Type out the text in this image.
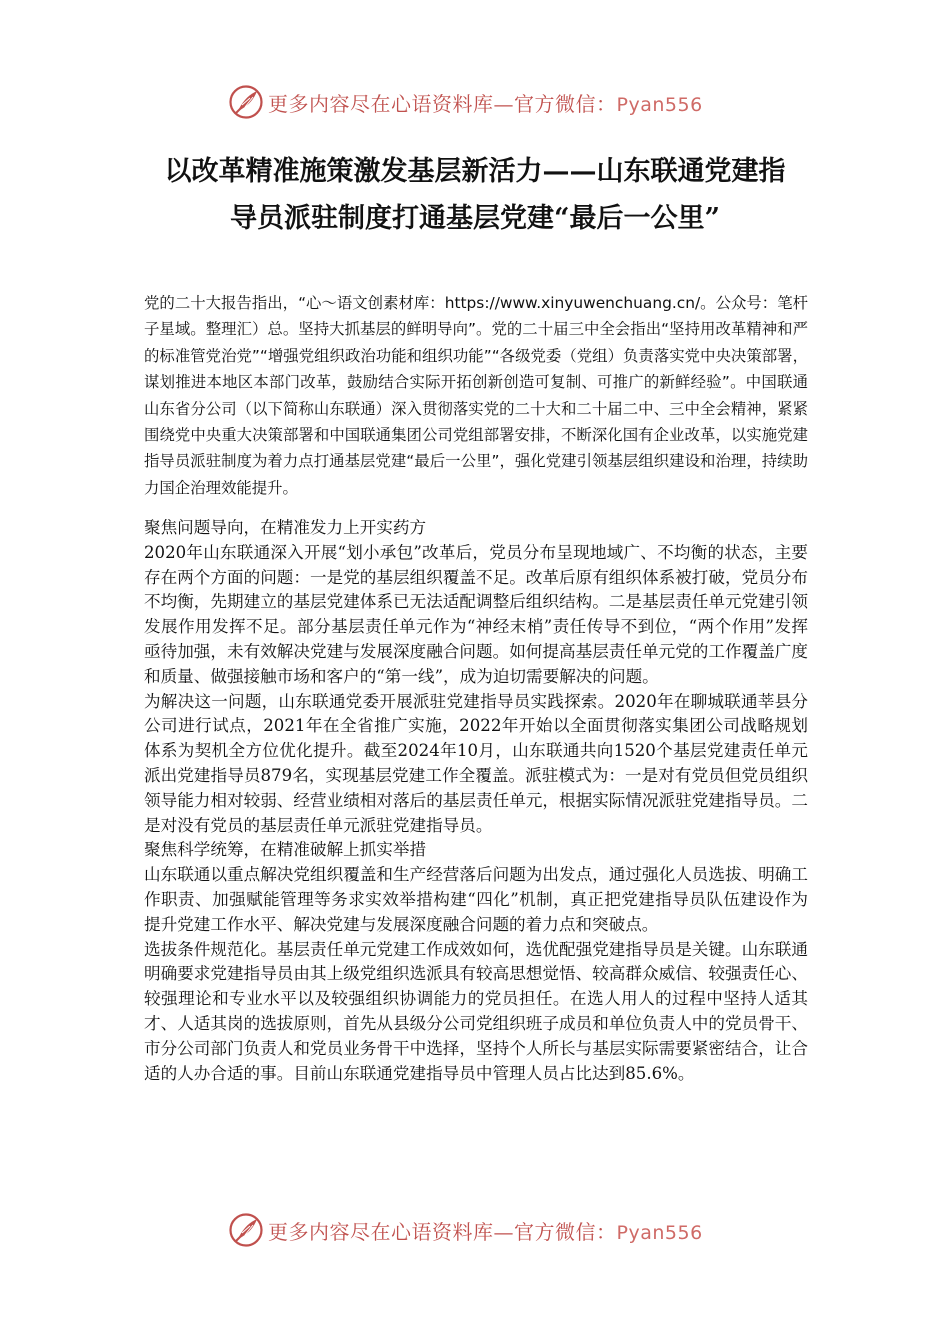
更多内容尽在心语资料库—官方微信：Pyan556
以改革精准施策激发基层新活力——山东联通党建指
导员派驻制度打通基层党建“最后一公里”

党的二十大报告指出，“心～语文创素材库：https://www.xinyuwenchuang.cn/。公众号：笔杆子星域。整理汇）总。坚持大抓基层的鲜明导向”。党的二十届三中全会指出“坚持用改革精神和严的标准管党治党”“增强党组织政治功能和组织功能”“各级党委（党组）负责落实党中央决策部署，谋划推进本地区本部门改革，鼓励结合实际开拓创新创造可复制、可推广的新鲜经验”。中国联通山东省分公司（以下简称山东联通）深入贯彻落实党的二十大和二十届二中、三中全会精神，紧紧围绕党中央重大决策部署和中国联通集团公司党组部署安排，不断深化国有企业改革，以实施党建指导员派驻制度为着力点打通基层党建“最后一公里”，强化党建引领基层组织建设和治理，持续助力国企治理效能提升。

聚焦问题导向，在精准发力上开实药方

2020年山东联通深入开展“划小承包”改革后，党员分布呈现地域广、不均衡的状态，主要存在两个方面的问题：一是党的基层组织覆盖不足。改革后原有组织体系被打破，党员分布不均衡，先期建立的基层党建体系已无法适配调整后组织结构。二是基层责任单元党建引领发展作用发挥不足。部分基层责任单元作为“神经末梢”责任传导不到位，“两个作用”发挥亟待加强，未有效解决党建与发展深度融合问题。如何提高基层责任单元党的工作覆盖广度和质量、做强接触市场和客户的“第一线”，成为迫切需要解决的问题。

为解决这一问题，山东联通党委开展派驻党建指导员实践探索。2020年在聊城联通莘县分公司进行试点，2021年在全省推广实施，2022年开始以全面贯彻落实集团公司战略规划体系为契机全方位优化提升。截至2024年10月，山东联通共向1520个基层党建责任单元派出党建指导员879名，实现基层党建工作全覆盖。派驻模式为：一是对有党员但党员组织领导能力相对较弱、经营业绩相对落后的基层责任单元，根据实际情况派驻党建指导员。二是对没有党员的基层责任单元派驻党建指导员。

聚焦科学统筹，在精准破解上抓实举措

山东联通以重点解决党组织覆盖和生产经营落后问题为出发点，通过强化人员选拔、明确工作职责、加强赋能管理等务求实效举措构建“四化”机制，真正把党建指导员队伍建设作为提升党建工作水平、解决党建与发展深度融合问题的着力点和突破点。

选拔条件规范化。基层责任单元党建工作成效如何，选优配强党建指导员是关键。山东联通明确要求党建指导员由其上级党组织选派具有较高思想觉悟、较高群众威信、较强责任心、较强理论和专业水平以及较强组织协调能力的党员担任。在选人用人的过程中坚持人适其才、人适其岗的选拔原则，首先从县级分公司党组织班子成员和单位负责人中的党员骨干、市分公司部门负责人和党员业务骨干中选择，坚持个人所长与基层实际需要紧密结合，让合适的人办合适的事。目前山东联通党建指导员中管理人员占比达到85.6%。

更多内容尽在心语资料库—官方微信：Pyan556
